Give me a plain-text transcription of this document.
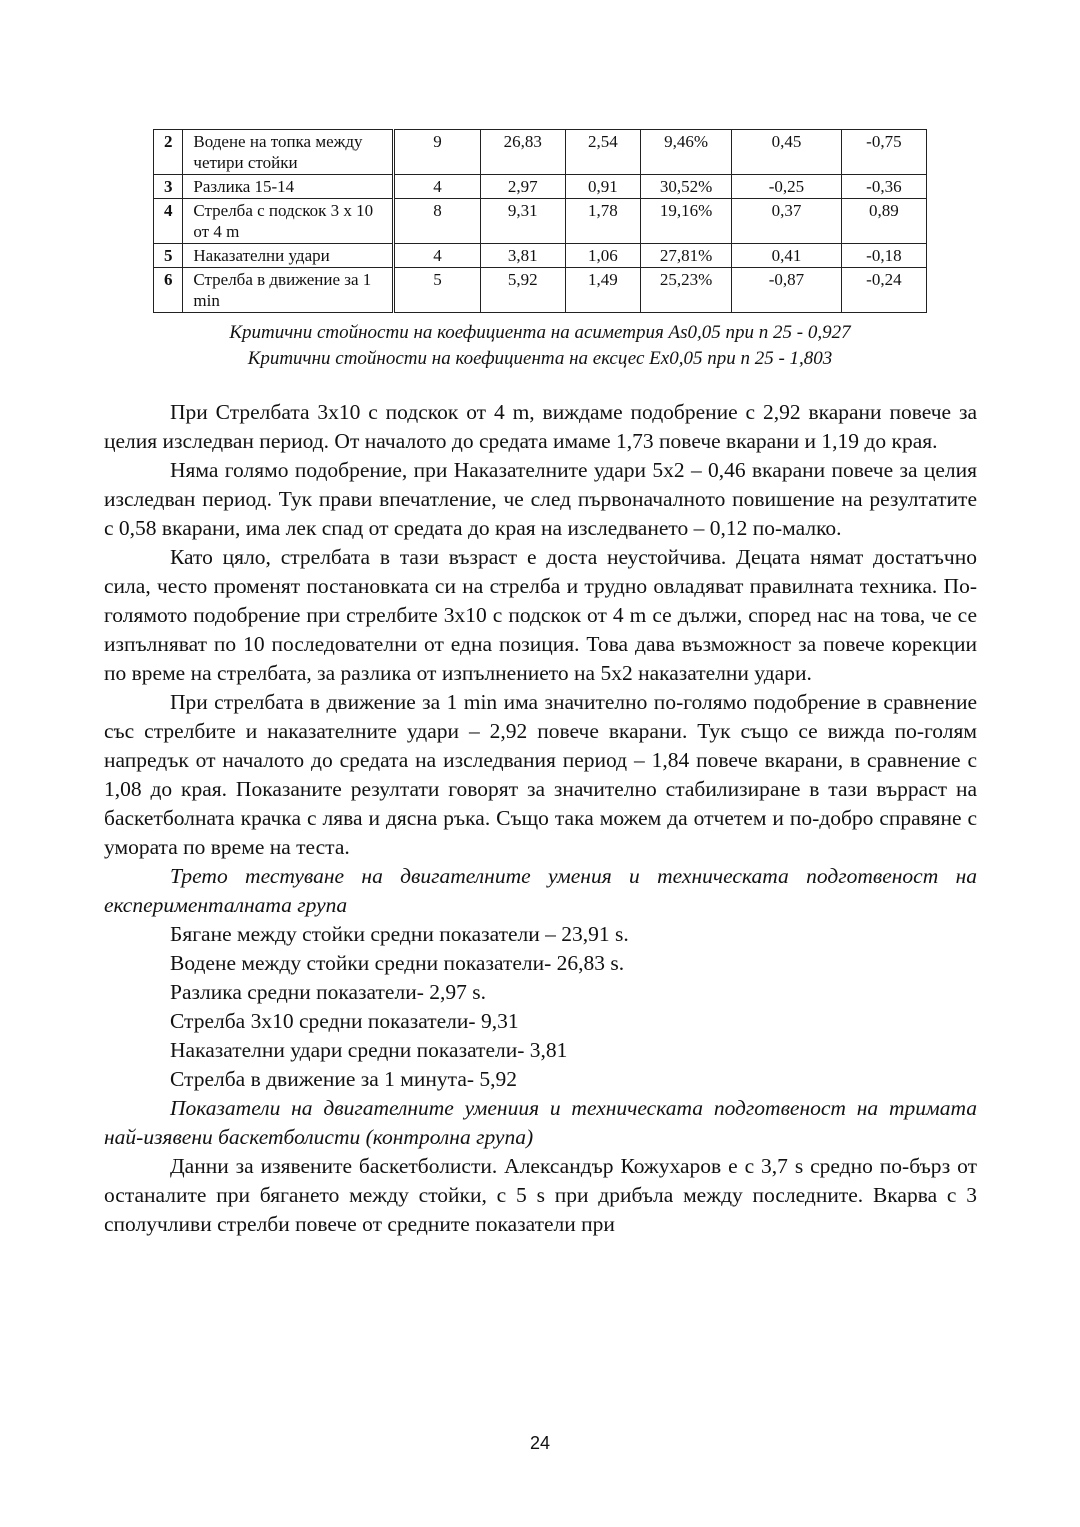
2	Водене на топка между четири стойки	9	26,83	2,54	9,46%	0,45	-0,75
3	Разлика 15-14	4	2,97	0,91	30,52%	-0,25	-0,36
4	Стрелба с подскок 3 х 10 от 4 m	8	9,31	1,78	19,16%	0,37	0,89
5	Наказателни удари	4	3,81	1,06	27,81%	0,41	-0,18
6	Стрелба в движение за 1 min	5	5,92	1,49	25,23%	-0,87	-0,24
Критични стойности на коефициента на асиметрия As0,05 при n 25 - 0,927
Критични стойности на коефициента на ексцес Ex0,05 при n 25 - 1,803

При Стрелбата 3х10 с подскок от 4 m, виждаме подобрение с 2,92 вкарани повече за целия изследван период. От началото до средата имаме 1,73 повече вкарани и 1,19 до края.

Няма голямо подобрение, при Наказателните удари 5х2 – 0,46 вкарани повече за целия изследван период. Тук прави впечатление, че след първоначалното повишение на резултатите с 0,58 вкарани, има лек спад от средата до края на изследването – 0,12 по-малко.

Като цяло, стрелбата в тази възраст е доста неустойчива. Децата нямат достатъчно сила, често променят постановката си на стрелба и трудно овладяват правилната техника. По-голямото подобрение при стрелбите 3х10 с подскок от 4 m се дължи, според нас на това, че се изпълняват по 10 последователни от една позиция. Това дава възможност за повече корекции по време на стрелбата, за разлика от изпълнението на 5х2 наказателни удари.

При стрелбата в движение за 1 min има значително по-голямо подобрение в сравнение със стрелбите и наказателните удари – 2,92 повече вкарани. Тук също се вижда по-голям напредък от началото до средата на изследвания период – 1,84 повече вкарани, в сравнение с 1,08 до края. Показаните резултати говорят за значително стабилизиране в тази върраст на баскетболната крачка с лява и дясна ръка. Също така можем да отчетем и по-добро справяне с умората по време на теста.

Трето тестуване на двигателните умения и техническата подготвеност на експерименталната група

Бягане между стойки средни показатели – 23,91 s.

Водене между стойки средни показатели- 26,83 s.

Разлика средни показатели- 2,97 s.

Стрелба 3х10 средни показатели- 9,31

Наказателни удари средни показатели- 3,81

Стрелба в движение за 1 минута- 5,92

Показатели на двигателните умениия и техническата подготвеност на тримата най-изявени баскетболисти (контролна група)

Данни за изявените баскетболисти. Александър Кожухаров е с 3,7 s средно по-бърз от останалите при бягането между стойки, с 5 s при дрибъла между последните. Вкарва с 3 сполучливи стрелби повече от средните показатели при

24
